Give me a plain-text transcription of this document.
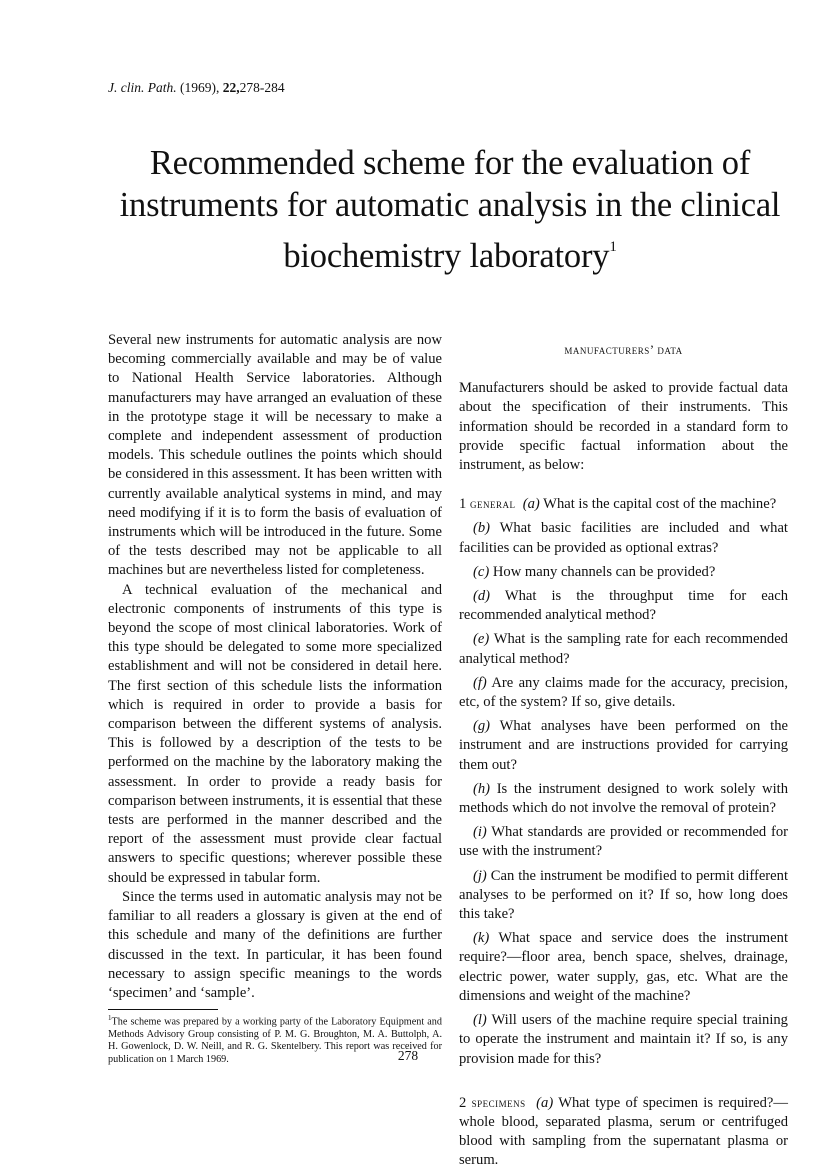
J. clin. Path. (1969), 22,278-284
Recommended scheme for the evaluation of instruments for automatic analysis in the clinical biochemistry laboratory$^1$

Several new instruments for automatic analysis are now becoming commercially available and may be of value to National Health Service laboratories. Although manufacturers may have arranged an evaluation of these in the prototype stage it will be necessary to make a complete and independent assessment of production models. This schedule outlines the points which should be considered in this assessment. It has been written with currently available analytical systems in mind, and may need modifying if it is to form the basis of evaluation of instruments which will be introduced in the future. Some of the tests described may not be applicable to all machines but are nevertheless listed for completeness.

A technical evaluation of the mechanical and electronic components of instruments of this type is beyond the scope of most clinical laboratories. Work of this type should be delegated to some more specialized establishment and will not be considered in detail here. The first section of this schedule lists the information which is required in order to provide a basis for comparison between the different systems of analysis. This is followed by a description of the tests to be performed on the machine by the laboratory making the assessment. In order to provide a ready basis for comparison between instruments, it is essential that these tests are performed in the manner described and the report of the assessment must provide clear factual answers to specific questions; wherever possible these should be expressed in tabular form.

Since the terms used in automatic analysis may not be familiar to all readers a glossary is given at the end of this schedule and many of the definitions are further discussed in the text. In particular, it has been found necessary to assign specific meanings to the words ‘specimen’ and ‘sample’.

$^1$The scheme was prepared by a working party of the Laboratory Equipment and Methods Advisory Group consisting of P. M. G. Broughton, M. A. Buttolph, A. H. Gowenlock, D. W. Neill, and R. G. Skentelbery. This report was received for publication on 1 March 1969.

manufacturers’ data

Manufacturers should be asked to provide factual data about the specification of their instruments. This information should be recorded in a standard form to provide specific factual information about the instrument, as below:

1 general (a) What is the capital cost of the machine?

(b) What basic facilities are included and what facilities can be provided as optional extras?

(c) How many channels can be provided?

(d) What is the throughput time for each recommended analytical method?

(e) What is the sampling rate for each recommended analytical method?

(f) Are any claims made for the accuracy, precision, etc, of the system? If so, give details.

(g) What analyses have been performed on the instrument and are instructions provided for carrying them out?

(h) Is the instrument designed to work solely with methods which do not involve the removal of protein?

(i) What standards are provided or recommended for use with the instrument?

(j) Can the instrument be modified to permit different analyses to be performed on it? If so, how long does this take?

(k) What space and service does the instrument require?—floor area, bench space, shelves, drainage, electric power, water supply, gas, etc. What are the dimensions and weight of the machine?

(l) Will users of the machine require special training to operate the instrument and maintain it? If so, is any provision made for this?

2 specimens (a) What type of specimen is required?—whole blood, separated plasma, serum or centrifuged blood with sampling from the supernatant plasma or serum.

278
